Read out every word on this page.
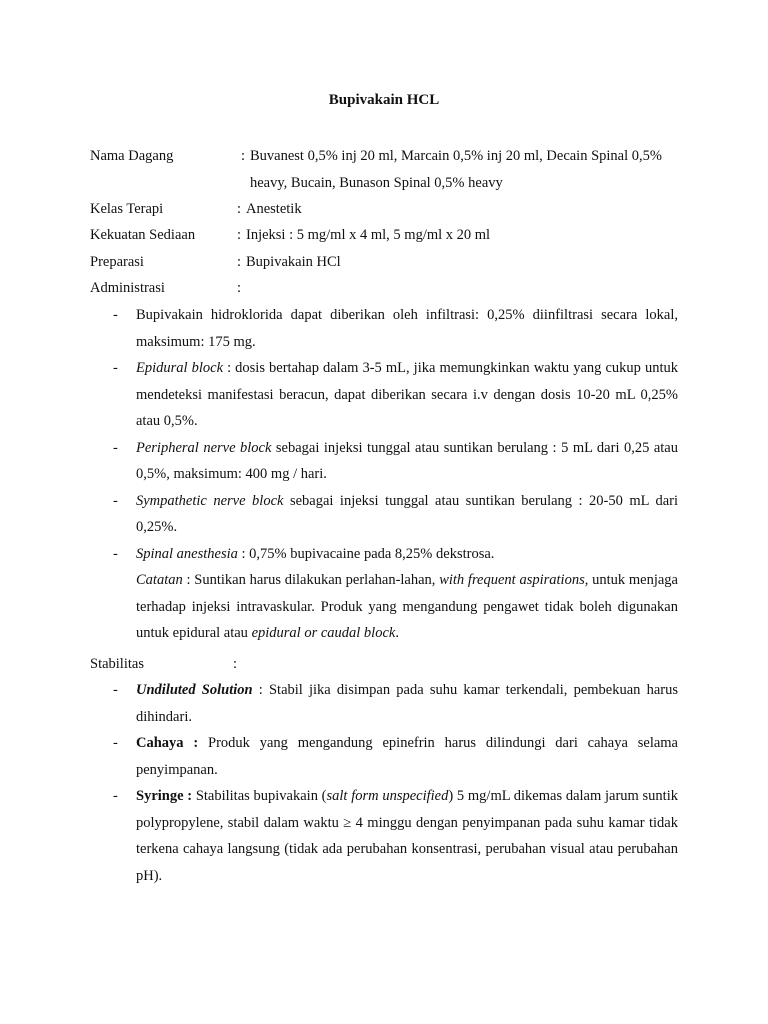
Bupivakain HCL
Nama Dagang	: Buvanest 0,5% inj 20 ml, Marcain 0,5% inj 20 ml, Decain Spinal 0,5%
heavy, Bucain, Bunason Spinal 0,5% heavy
Kelas Terapi	: Anestetik
Kekuatan Sediaan	: Injeksi : 5 mg/ml x 4 ml, 5 mg/ml x 20 ml
Preparasi	: Bupivakain HCl
Administrasi	:
- Bupivakain hidroklorida dapat diberikan oleh infiltrasi: 0,25% diinfiltrasi secara lokal, maksimum: 175 mg.
- Epidural block : dosis bertahap dalam 3-5 mL, jika memungkinkan waktu yang cukup untuk mendeteksi manifestasi beracun, dapat diberikan secara i.v dengan dosis 10-20 mL 0,25% atau 0,5%.
- Peripheral nerve block sebagai injeksi tunggal atau suntikan berulang : 5 mL dari 0,25 atau 0,5%, maksimum: 400 mg / hari.
- Sympathetic nerve block sebagai injeksi tunggal atau suntikan berulang : 20-50 mL dari 0,25%.
- Spinal anesthesia : 0,75% bupivacaine pada 8,25% dekstrosa.
Catatan : Suntikan harus dilakukan perlahan-lahan, with frequent aspirations, untuk menjaga terhadap injeksi intravaskular. Produk yang mengandung pengawet tidak boleh digunakan untuk epidural atau epidural or caudal block.
Stabilitas	:
- Undiluted Solution : Stabil jika disimpan pada suhu kamar terkendali, pembekuan harus dihindari.
- Cahaya : Produk yang mengandung epinefrin harus dilindungi dari cahaya selama penyimpanan.
- Syringe : Stabilitas bupivakain (salt form unspecified) 5 mg/mL dikemas dalam jarum suntik polypropylene, stabil dalam waktu ≥ 4 minggu dengan penyimpanan pada suhu kamar tidak terkena cahaya langsung (tidak ada perubahan konsentrasi, perubahan visual atau perubahan pH).
